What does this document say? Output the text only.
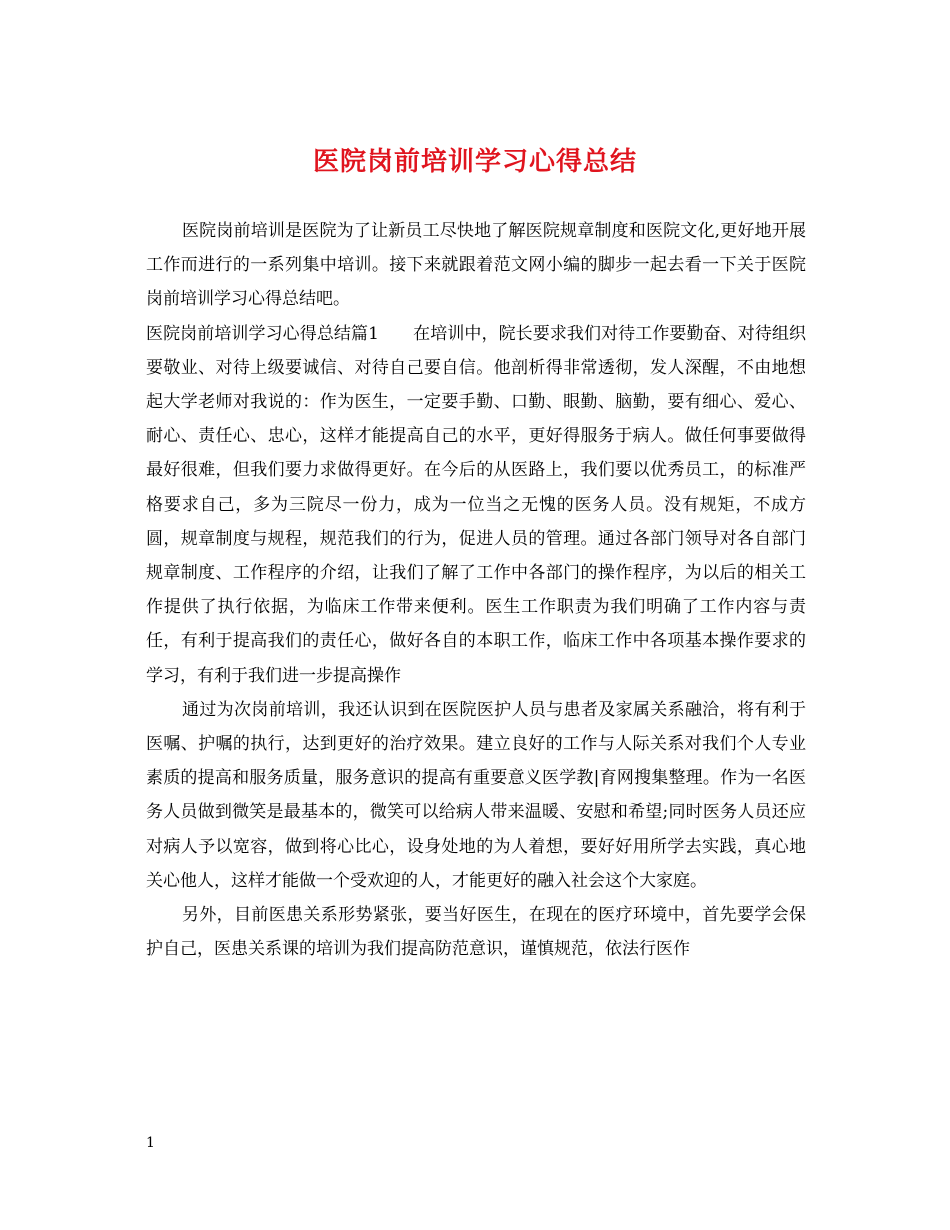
医院岗前培训学习心得总结

医院岗前培训是医院为了让新员工尽快地了解医院规章制度和医院文化,更好地开展工作而进行的一系列集中培训。接下来就跟着范文网小编的脚步一起去看一下关于医院岗前培训学习心得总结吧。

医院岗前培训学习心得总结篇1　　在培训中，院长要求我们对待工作要勤奋、对待组织要敬业、对待上级要诚信、对待自己要自信。他剖析得非常透彻，发人深醒，不由地想起大学老师对我说的：作为医生，一定要手勤、口勤、眼勤、脑勤，要有细心、爱心、耐心、责任心、忠心，这样才能提高自己的水平，更好得服务于病人。做任何事要做得最好很难，但我们要力求做得更好。在今后的从医路上，我们要以优秀员工，的标准严格要求自己，多为三院尽一份力，成为一位当之无愧的医务人员。没有规矩，不成方圆，规章制度与规程，规范我们的行为，促进人员的管理。通过各部门领导对各自部门规章制度、工作程序的介绍，让我们了解了工作中各部门的操作程序，为以后的相关工作提供了执行依据，为临床工作带来便利。医生工作职责为我们明确了工作内容与责任，有利于提高我们的责任心，做好各自的本职工作，临床工作中各项基本操作要求的学习，有利于我们进一步提高操作

通过为次岗前培训，我还认识到在医院医护人员与患者及家属关系融洽，将有利于医嘱、护嘱的执行，达到更好的治疗效果。建立良好的工作与人际关系对我们个人专业素质的提高和服务质量，服务意识的提高有重要意义医学教|育网搜集整理。作为一名医务人员做到微笑是最基本的，微笑可以给病人带来温暖、安慰和希望;同时医务人员还应对病人予以宽容，做到将心比心，设身处地的为人着想，要好好用所学去实践，真心地关心他人，这样才能做一个受欢迎的人，才能更好的融入社会这个大家庭。

另外，目前医患关系形势紧张，要当好医生，在现在的医疗环境中，首先要学会保护自己，医患关系课的培训为我们提高防范意识，谨慎规范，依法行医作

1
